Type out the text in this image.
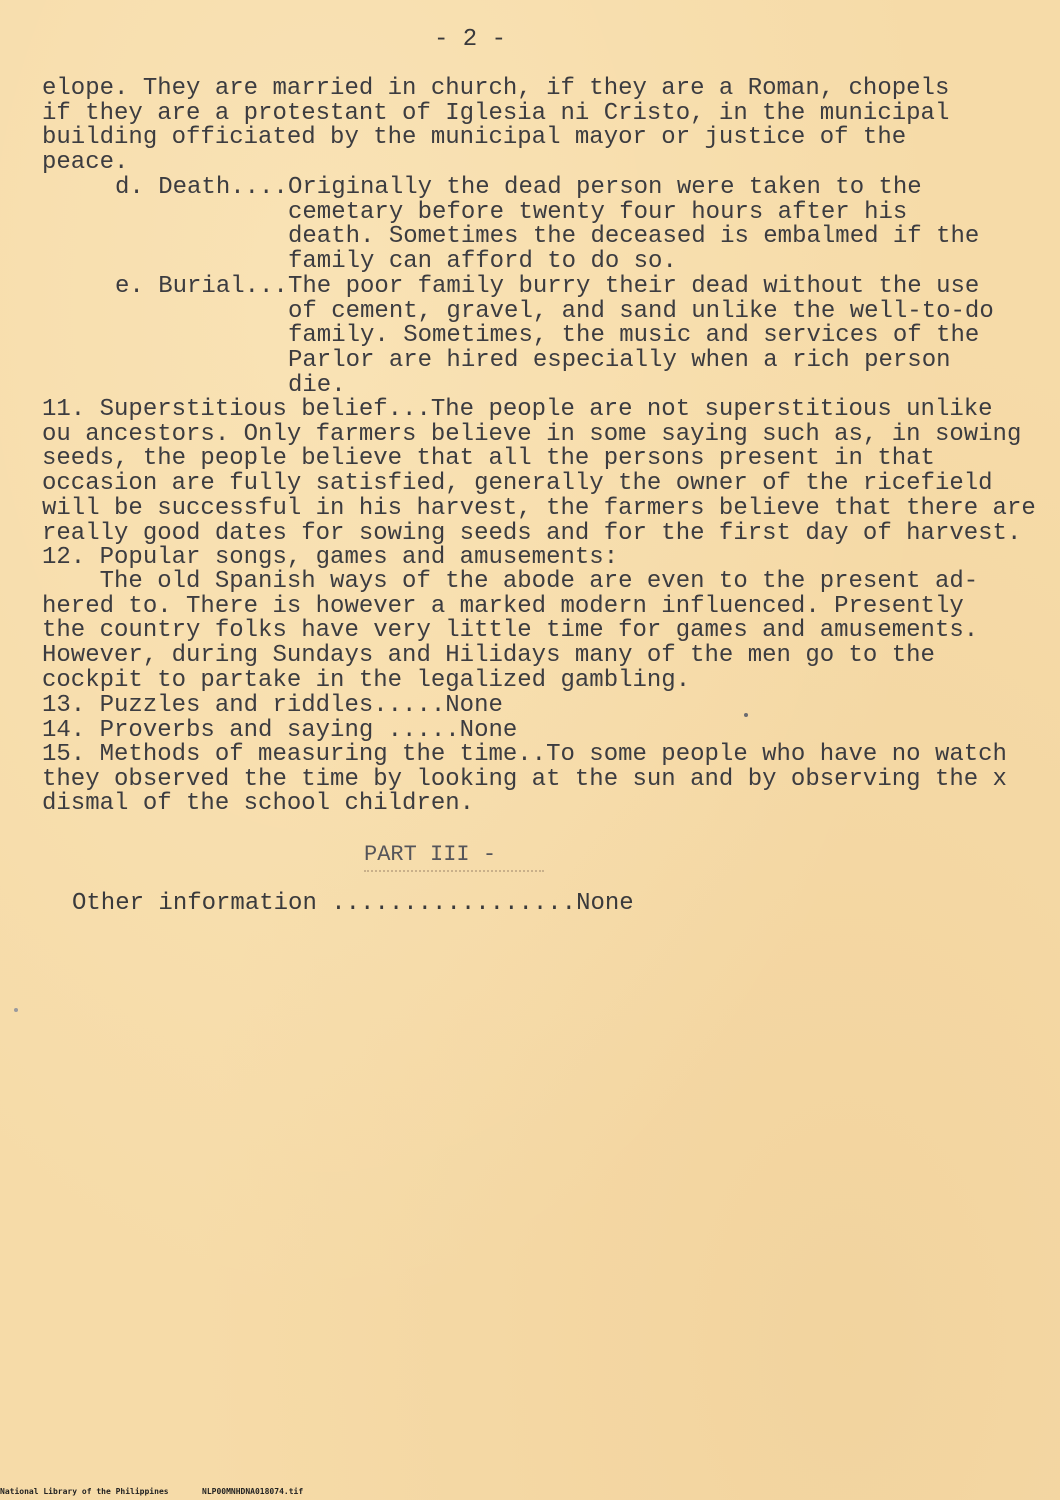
- 2 -
elope. They are married in church, if they are a Roman, chopels
if they are a protestant of Iglesia ni Cristo, in the municipal
building officiated by the municipal mayor or justice of the
peace.
d. Death.... Originally the dead person were taken to the
cemetary before twenty four hours after his
death. Sometimes the deceased is embalmed if the
family can afford to do so.
e. Burial... The poor family burry their dead without the use
of cement, gravel, and sand unlike the well-to-do
family. Sometimes, the music and services of the
Parlor are hired especially when a rich person
die.
11. Superstitious belief...The people are not superstitious unlike
ou ancestors. Only farmers believe in some saying such as, in sowing
seeds, the people believe that all the persons present in that
occasion are fully satisfied, generally the owner of the ricefield
will be successful in his harvest, the farmers believe that there are
really good dates for sowing seeds and for the first day of harvest.
12. Popular songs, games and amusements:
The old Spanish ways of the abode are even to the present ad-
hered to. There is however a marked modern influenced. Presently
the country folks have very little time for games and amusements.
However, during Sundays and Hilidays many of the men go to the
cockpit to partake in the legalized gambling.
13. Puzzles and riddles.....None
14. Proverbs and saying .....None
15. Methods of measuring the time..To some people who have no watch
they observed the time by looking at the sun and by observing the x
dismal of the school children.
PART III -
Other information .................None
National Library of the Philippines	NLP00MNHDNA018074.tif
